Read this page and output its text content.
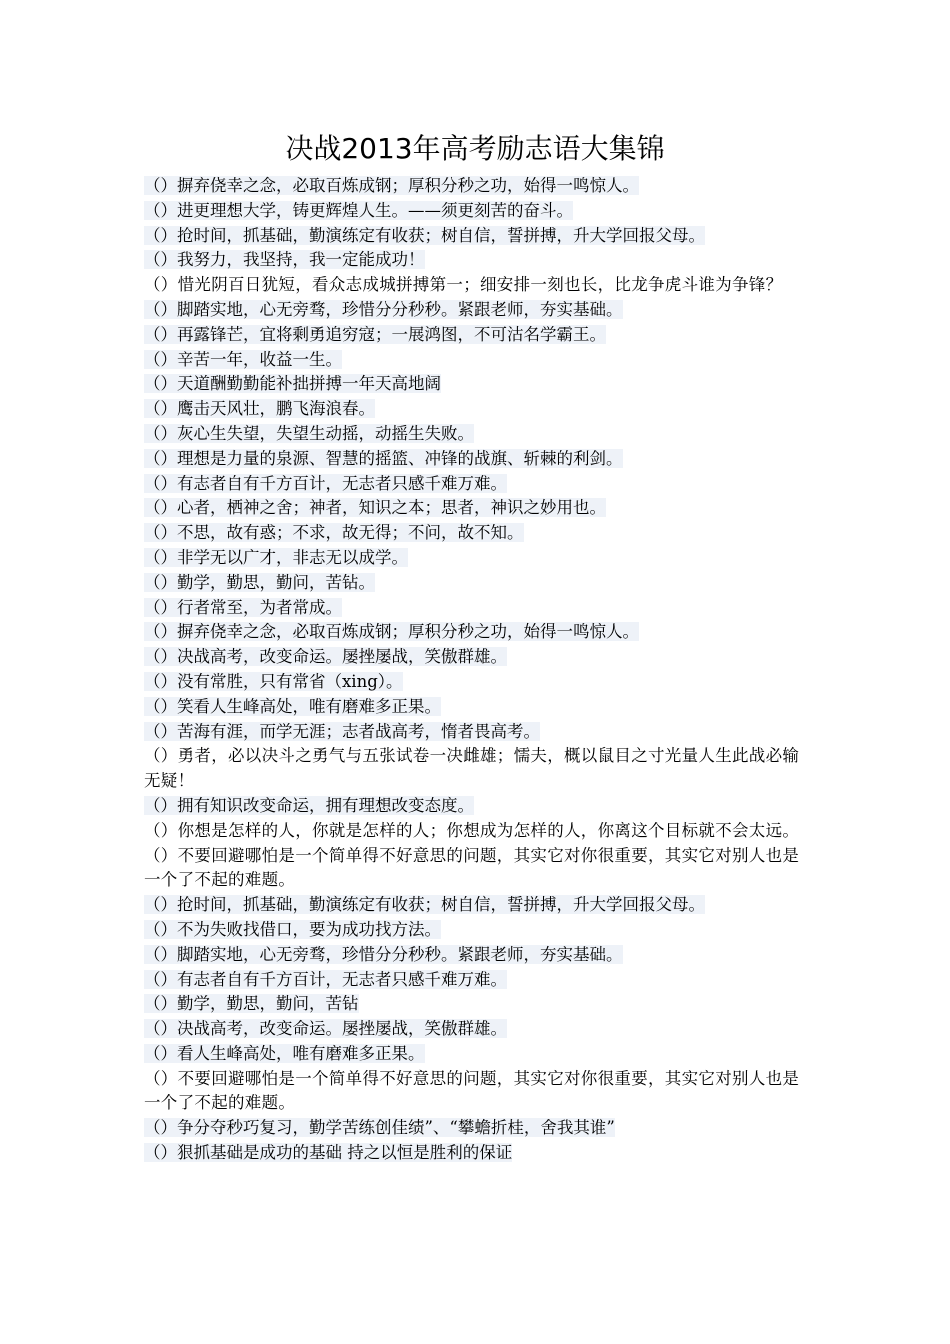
决战2013年高考励志语大集锦
（）摒弃侥幸之念，必取百炼成钢；厚积分秒之功，始得一鸣惊人。
（）进更理想大学，铸更辉煌人生。——须更刻苦的奋斗。
（）抢时间，抓基础，勤演练定有收获；树自信，誓拼搏，升大学回报父母。
（）我努力，我坚持，我一定能成功！
（）惜光阴百日犹短，看众志成城拼搏第一；细安排一刻也长，比龙争虎斗谁为争锋？
（）脚踏实地，心无旁骛，珍惜分分秒秒。紧跟老师，夯实基础。
（）再露锋芒，宜将剩勇追穷寇；一展鸿图，不可沽名学霸王。
（）辛苦一年，收益一生。
（）天道酬勤勤能补拙拼搏一年天高地阔
（）鹰击天风壮，鹏飞海浪春。
（）灰心生失望，失望生动摇，动摇生失败。
（）理想是力量的泉源、智慧的摇篮、冲锋的战旗、斩棘的利剑。
（）有志者自有千方百计，无志者只感千难万难。
（）心者，栖神之舍；神者，知识之本；思者，神识之妙用也。
（）不思，故有惑；不求，故无得；不问，故不知。
（）非学无以广才，非志无以成学。
（）勤学，勤思，勤问，苦钻。
（）行者常至，为者常成。
（）摒弃侥幸之念，必取百炼成钢；厚积分秒之功，始得一鸣惊人。
（）决战高考，改变命运。屡挫屡战，笑傲群雄。
（）没有常胜，只有常省（xing）。
（）笑看人生峰高处，唯有磨难多正果。
（）苦海有涯，而学无涯；志者战高考，惰者畏高考。
（）勇者，必以决斗之勇气与五张试卷一决雌雄；懦夫，概以鼠目之寸光量人生此战必输无疑！
（）拥有知识改变命运，拥有理想改变态度。
（）你想是怎样的人，你就是怎样的人；你想成为怎样的人，你离这个目标就不会太远。
（）不要回避哪怕是一个简单得不好意思的问题，其实它对你很重要，其实它对别人也是一个了不起的难题。
（）抢时间，抓基础，勤演练定有收获；树自信，誓拼搏，升大学回报父母。
（）不为失败找借口，要为成功找方法。
（）脚踏实地，心无旁骛，珍惜分分秒秒。紧跟老师，夯实基础。
（）有志者自有千方百计，无志者只感千难万难。
（）勤学，勤思，勤问，苦钻
（）决战高考，改变命运。屡挫屡战，笑傲群雄。
（）看人生峰高处，唯有磨难多正果。
（）不要回避哪怕是一个简单得不好意思的问题，其实它对你很重要，其实它对别人也是一个了不起的难题。
（）争分夺秒巧复习，勤学苦练创佳绩”、“攀蟾折桂，舍我其谁”
（）狠抓基础是成功的基础 持之以恒是胜利的保证
